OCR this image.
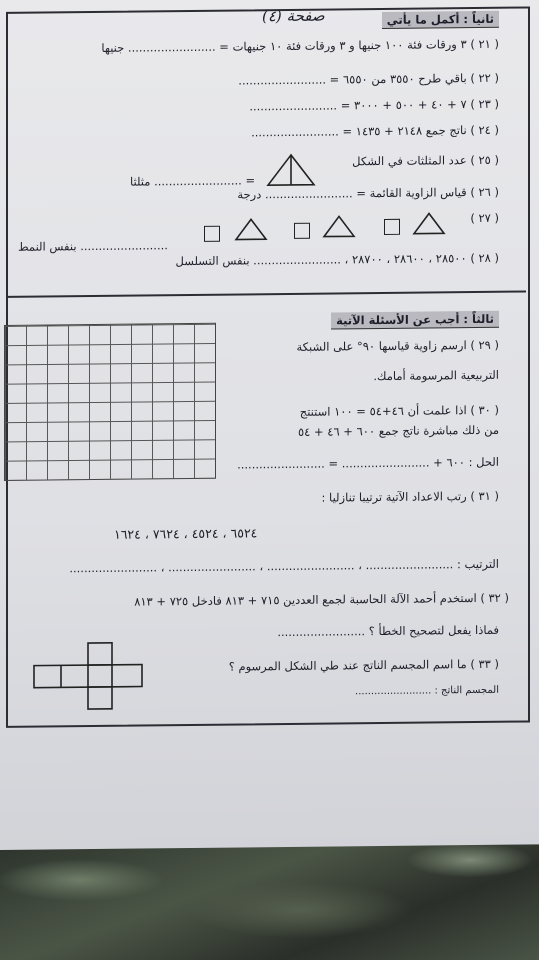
صفحة (٤)	ثانياً : أكمل ما يأتي
( ٢١ ) ٣ ورقات فئة ١٠٠ جنيها و ٣ ورقات فئة ١٠ جنيهات = ........................ جنيها
( ٢٢ ) باقي طرح ٣٥٥٠ من ٦٥٥٠ = ........................
( ٢٣ ) ٧ + ٤٠ + ٥٠٠ + ٣٠٠٠ = ........................
( ٢٤ ) ناتج جمع ٢١٤٨ + ١٤٣٥ = ........................
( ٢٥ ) عدد المثلثات في الشكل
= ........................ مثلثا
( ٢٦ ) قياس الزاوية القائمة = ........................ درجة
( ٢٧ )
........................ بنفس النمط
( ٢٨ ) ٢٨٥٠٠ ، ٢٨٦٠٠ ، ٢٨٧٠٠ ، ........................ بنفس التسلسل
ثالثاً : أجب عن الأسئلة الآتية
( ٢٩ ) ارسم زاوية قياسها ٩٠° على الشبكة
التربيعية المرسومة أمامك.
( ٣٠ ) اذا علمت أن ٤٦+٥٤ = ١٠٠ استنتج
من ذلك مباشرة ناتج جمع ٦٠٠ + ٤٦ + ٥٤
الحل : ٦٠٠ + ........................ = ........................
( ٣١ ) رتب الاعداد الآتية ترتيبا تنازليا :
٦٥٢٤ ، ٤٥٢٤ ، ٧٦٢٤ ، ١٦٢٤
الترتيب : ........................ ، ........................ ، ........................ ، ........................
( ٣٢ ) استخدم أحمد الآلة الحاسبة لجمع العددين ٧١٥ + ٨١٣ فادخل ٧٢٥ + ٨١٣
فماذا يفعل لتصحيح الخطأ ؟ ........................
( ٣٣ ) ما اسم المجسم الناتج عند طي الشكل المرسوم ؟
المجسم الناتج : ........................
